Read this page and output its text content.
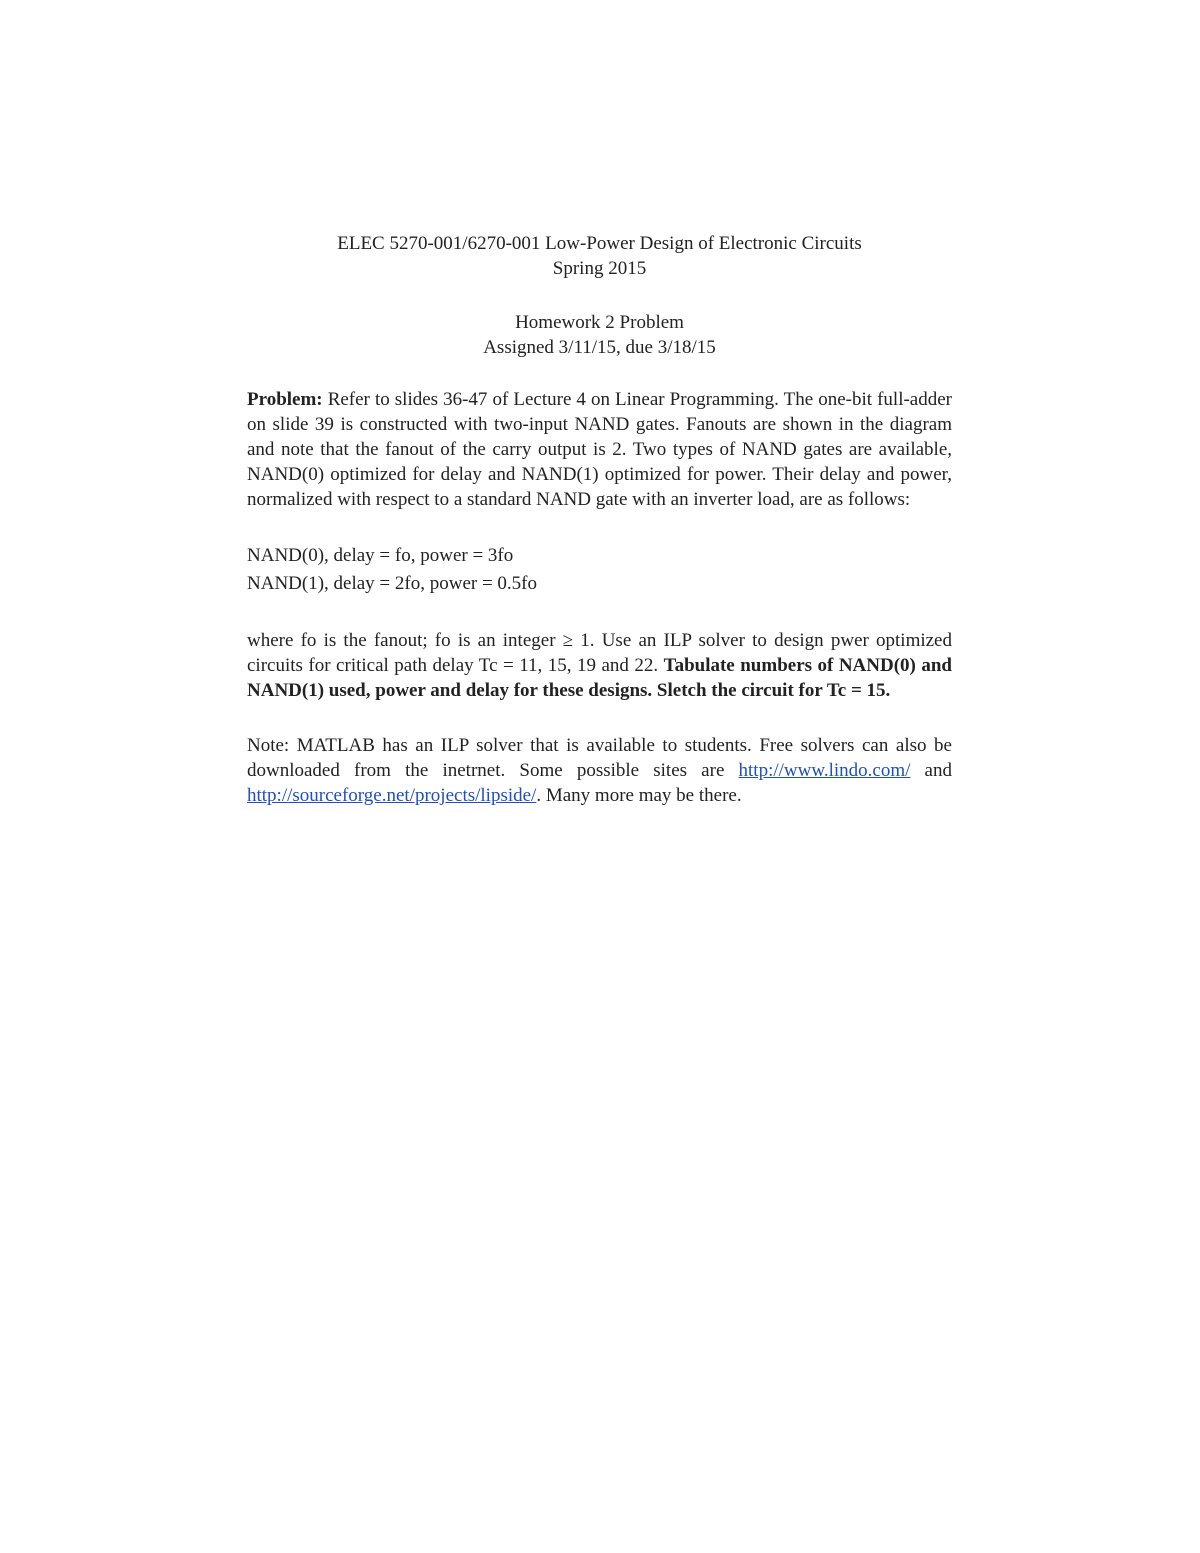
ELEC 5270-001/6270-001 Low-Power Design of Electronic Circuits

Spring 2015

Homework 2 Problem

Assigned 3/11/15, due 3/18/15

Problem: Refer to slides 36-47 of Lecture 4 on Linear Programming. The one-bit full-adder on slide 39 is constructed with two-input NAND gates. Fanouts are shown in the diagram and note that the fanout of the carry output is 2. Two types of NAND gates are available, NAND(0) optimized for delay and NAND(1) optimized for power. Their delay and power, normalized with respect to a standard NAND gate with an inverter load, are as follows:

NAND(0), delay = fo, power = 3fo

NAND(1), delay = 2fo, power = 0.5fo

where fo is the fanout; fo is an integer ≥ 1. Use an ILP solver to design pwer optimized circuits for critical path delay Tc = 11, 15, 19 and 22. Tabulate numbers of NAND(0) and NAND(1) used, power and delay for these designs. Sletch the circuit for Tc = 15.

Note: MATLAB has an ILP solver that is available to students. Free solvers can also be downloaded from the inetrnet. Some possible sites are http://www.lindo.com/ and http://sourceforge.net/projects/lipside/. Many more may be there.
